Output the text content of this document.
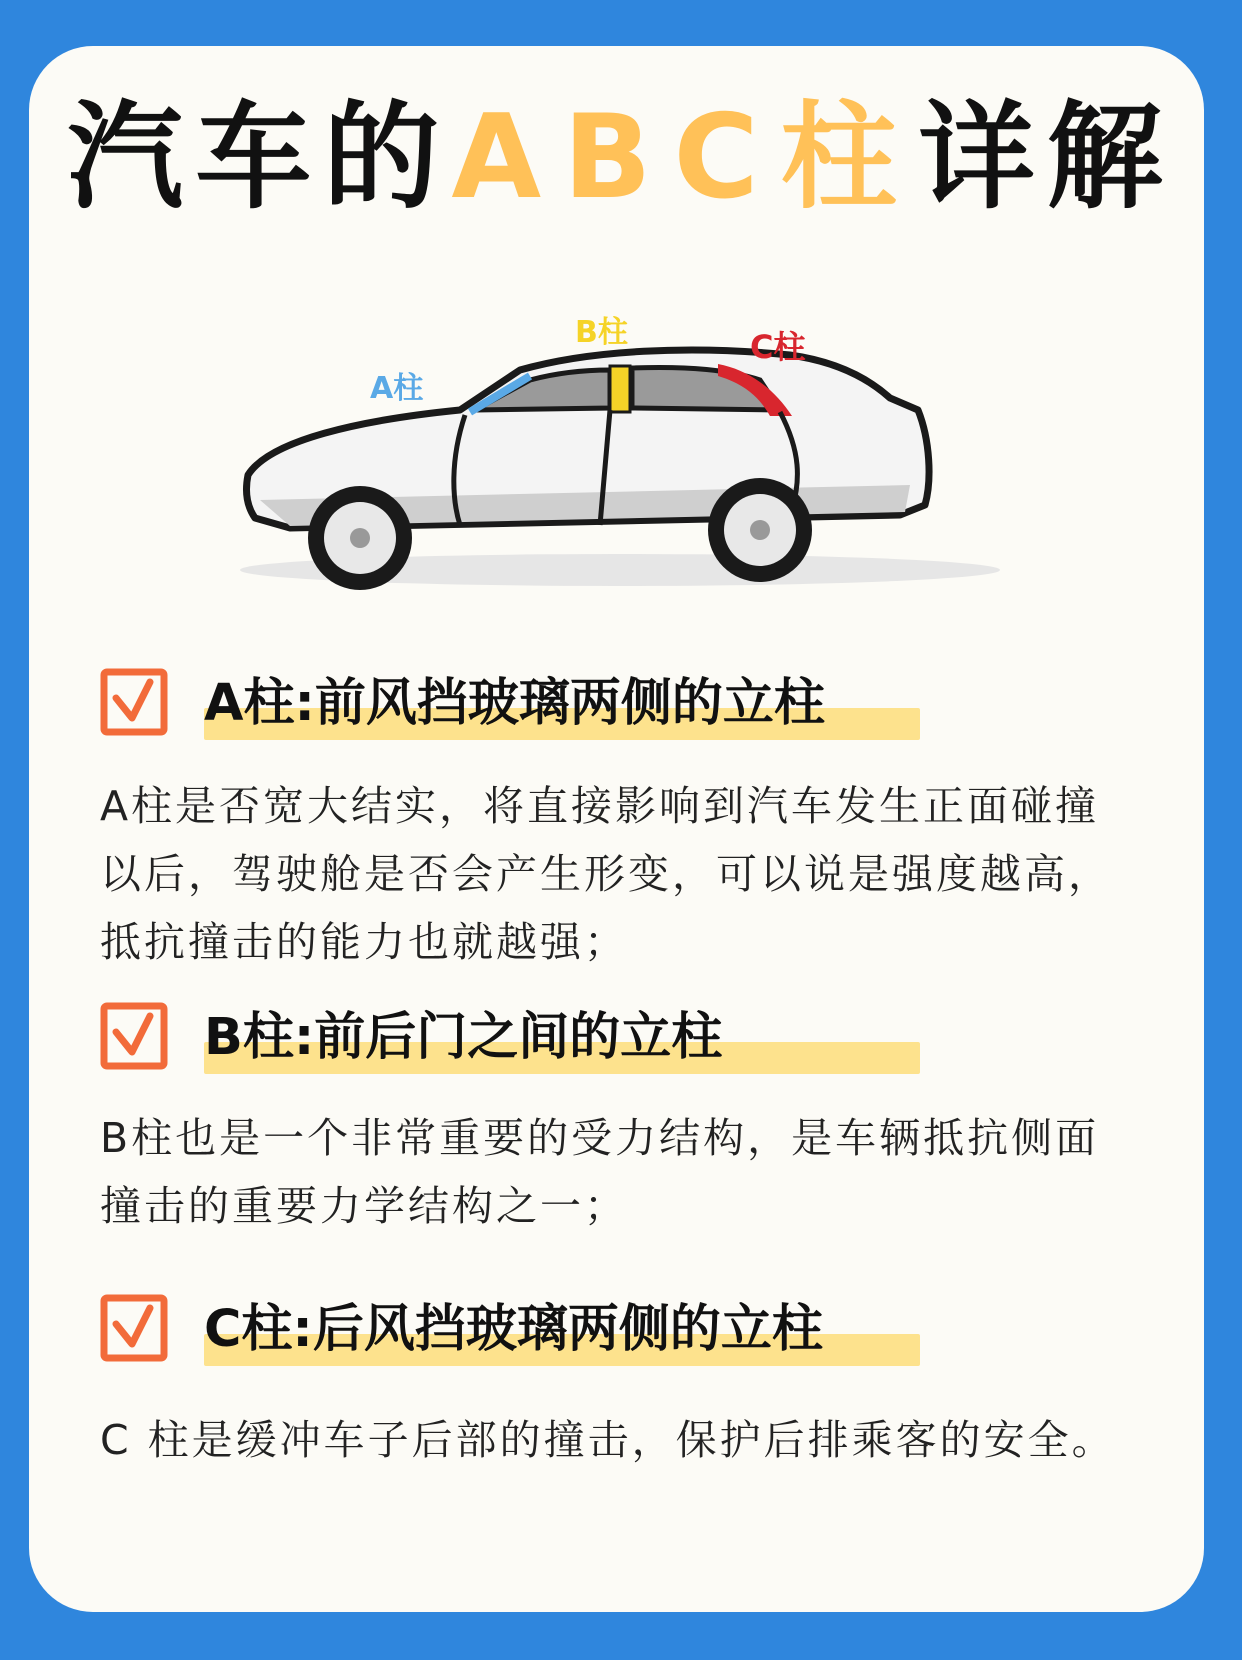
汽车的ABC柱详解
A柱
B柱	C柱
A柱:前风挡玻璃两侧的立柱
A柱是否宽大结实，将直接影响到汽车发生正面碰撞以后，驾驶舱是否会产生形变，可以说是强度越高，抵抗撞击的能力也就越强；
B柱:前后门之间的立柱
B柱也是一个非常重要的受力结构，是车辆抵抗侧面撞击的重要力学结构之一；
C柱:后风挡玻璃两侧的立柱
C 柱是缓冲车子后部的撞击，保护后排乘客的安全。
